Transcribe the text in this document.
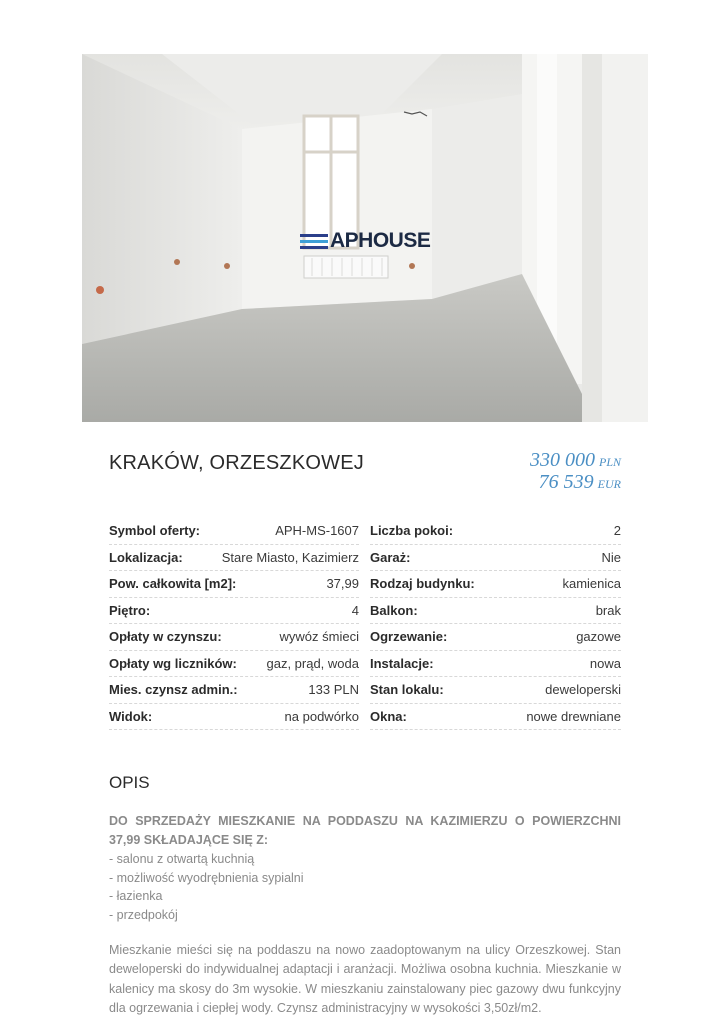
APHOUSE
KRAKÓW, ORZESZKOWEJ	330 000 PLN
76 539 EUR
Symbol oferty:	APH-MS-1607
Lokalizacja:	Stare Miasto, Kazimierz
Pow. całkowita [m2]:	37,99
Piętro:	4
Opłaty w czynszu:	wywóz śmieci
Opłaty wg liczników: gaz, prąd, woda
Mies. czynsz admin.:	133 PLN
Widok:	na podwórko
Liczba pokoi:	2
Garaż:	Nie
Rodzaj budynku:	kamienica
Balkon:	brak
Ogrzewanie:	gazowe
Instalacje:	nowa
Stan lokalu:	deweloperski
Okna:	nowe drewniane
OPIS
DO SPRZEDAŻY MIESZKANIE NA PODDASZU NA KAZIMIERZU O POWIERZCHNI 37,99 SKŁADAJĄCE SIĘ Z:
- salonu z otwartą kuchnią
- możliwość wyodrębnienia sypialni
- łazienka
- przedpokój
Mieszkanie mieści się na poddaszu na nowo zaadoptowanym na ulicy Orzeszkowej. Stan deweloperski do indywidualnej adaptacji i aranżacji. Możliwa osobna kuchnia. Mieszkanie w kalenicy ma skosy do 3m wysokie. W mieszkaniu zainstalowany piec gazowy dwu funkcyjny dla ogrzewania i ciepłej wody. Czynsz administracyjny w wysokości 3,50zł/m2.
